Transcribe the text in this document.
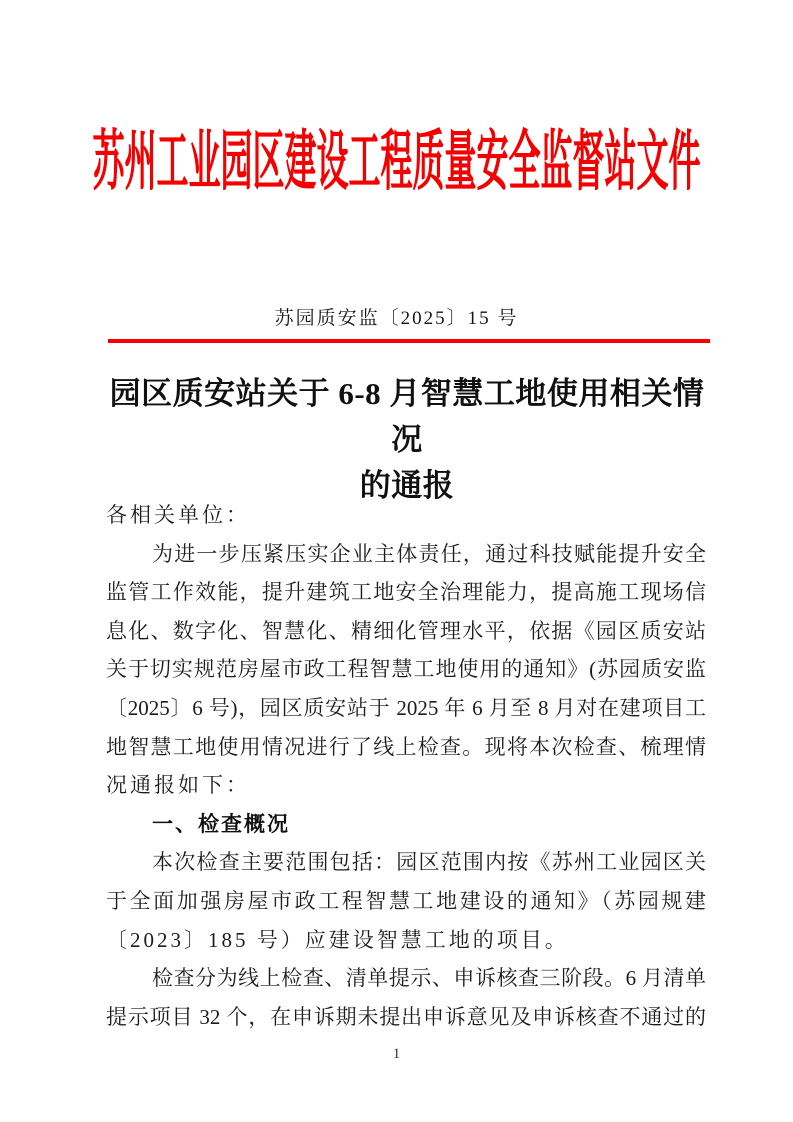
苏州工业园区建设工程质量安全监督站文件
苏园质安监〔2025〕15 号
园区质安站关于 6-8 月智慧工地使用相关情况
的通报
各相关单位：
为进一步压紧压实企业主体责任，通过科技赋能提升安全
监管工作效能，提升建筑工地安全治理能力，提高施工现场信
息化、数字化、智慧化、精细化管理水平，依据《园区质安站
关于切实规范房屋市政工程智慧工地使用的通知》(苏园质安监
〔2025〕6 号)，园区质安站于 2025 年 6 月至 8 月对在建项目工
地智慧工地使用情况进行了线上检查。现将本次检查、梳理情
况通报如下：
一、检查概况
本次检查主要范围包括：园区范围内按《苏州工业园区关
于全面加强房屋市政工程智慧工地建设的通知》（苏园规建
〔2023〕185 号）应建设智慧工地的项目。
检查分为线上检查、清单提示、申诉核查三阶段。6 月清单
提示项目 32 个，在申诉期未提出申诉意见及申诉核查不通过的
1
